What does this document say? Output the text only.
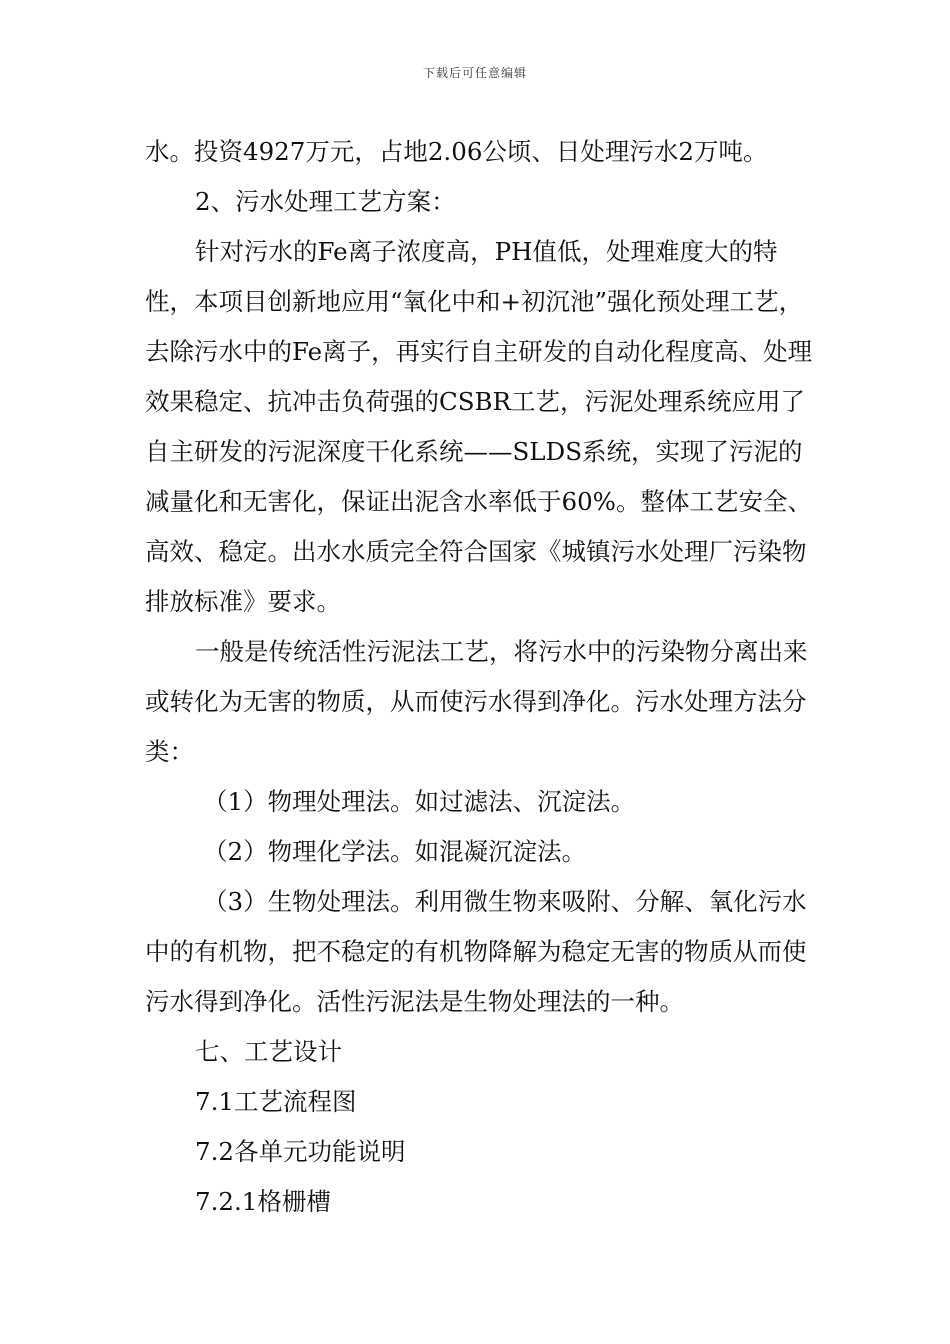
下载后可任意编辑

水。投资4927万元，占地2.06公顷、日处理污水2万吨。

2、污水处理工艺方案：

针对污水的Fe离子浓度高，PH值低，处理难度大的特性，本项目创新地应用“氧化中和+初沉池”强化预处理工艺，去除污水中的Fe离子，再实行自主研发的自动化程度高、处理效果稳定、抗冲击负荷强的CSBR工艺，污泥处理系统应用了自主研发的污泥深度干化系统——SLDS系统，实现了污泥的减量化和无害化，保证出泥含水率低于60%。整体工艺安全、高效、稳定。出水水质完全符合国家《城镇污水处理厂污染物排放标准》要求。

一般是传统活性污泥法工艺，将污水中的污染物分离出来或转化为无害的物质，从而使污水得到净化。污水处理方法分类：

（1）物理处理法。如过滤法、沉淀法。

（2）物理化学法。如混凝沉淀法。

（3）生物处理法。利用微生物来吸附、分解、氧化污水中的有机物，把不稳定的有机物降解为稳定无害的物质从而使污水得到净化。活性污泥法是生物处理法的一种。

七、工艺设计

7.1工艺流程图

7.2各单元功能说明

7.2.1格栅槽
